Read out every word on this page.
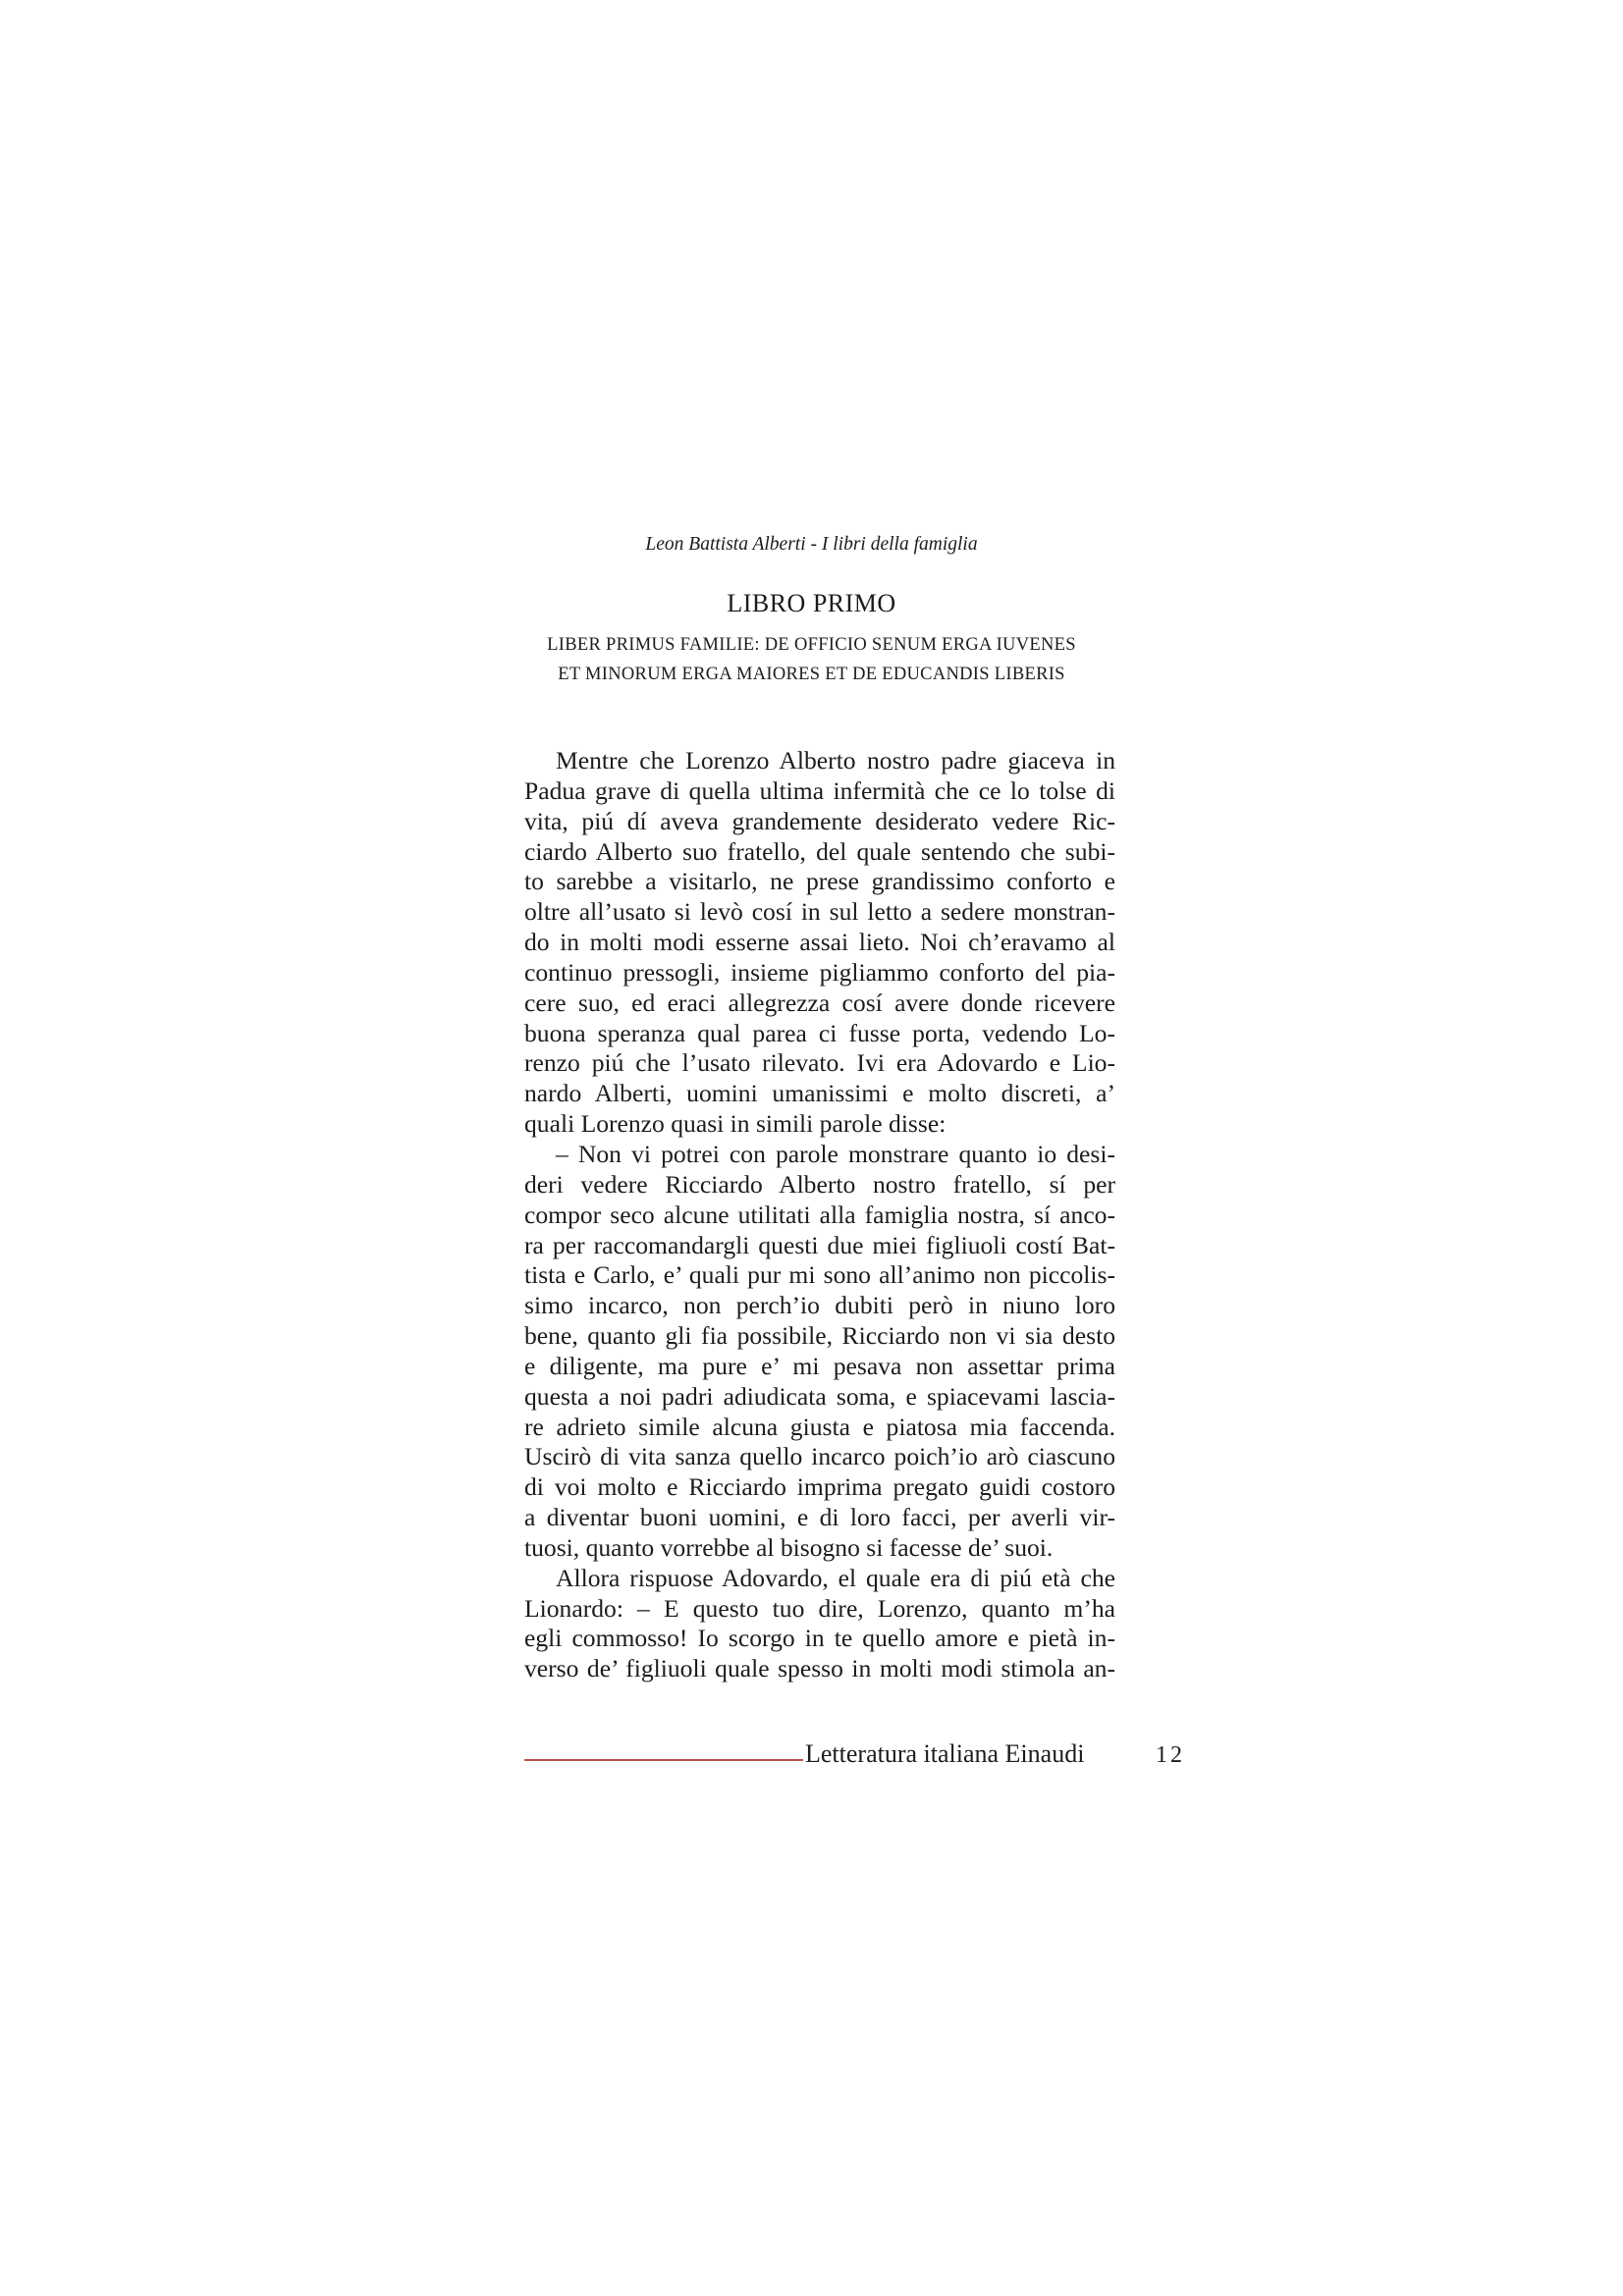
Leon Battista Alberti - I libri della famiglia
LIBRO PRIMO
LIBER PRIMUS FAMILIE: DE OFFICIO SENUM ERGA IUVENES
ET MINORUM ERGA MAIORES ET DE EDUCANDIS LIBERIS
Mentre che Lorenzo Alberto nostro padre giaceva in
Padua grave di quella ultima infermità che ce lo tolse di
vita, piú dí aveva grandemente desiderato vedere Ric-
ciardo Alberto suo fratello, del quale sentendo che subi-
to sarebbe a visitarlo, ne prese grandissimo conforto e
oltre all’usato si levò cosí in sul letto a sedere monstran-
do in molti modi esserne assai lieto. Noi ch’eravamo al
continuo pressogli, insieme pigliammo conforto del pia-
cere suo, ed eraci allegrezza cosí avere donde ricevere
buona speranza qual parea ci fusse porta, vedendo Lo-
renzo piú che l’usato rilevato. Ivi era Adovardo e Lio-
nardo Alberti, uomini umanissimi e molto discreti, a’
quali Lorenzo quasi in simili parole disse:
– Non vi potrei con parole monstrare quanto io desi-
deri vedere Ricciardo Alberto nostro fratello, sí per
compor seco alcune utilitati alla famiglia nostra, sí anco-
ra per raccomandargli questi due miei figliuoli costí Bat-
tista e Carlo, e’ quali pur mi sono all’animo non piccolis-
simo incarco, non perch’io dubiti però in niuno loro
bene, quanto gli fia possibile, Ricciardo non vi sia desto
e diligente, ma pure e’ mi pesava non assettar prima
questa a noi padri adiudicata soma, e spiacevami lascia-
re adrieto simile alcuna giusta e piatosa mia faccenda.
Uscirò di vita sanza quello incarco poich’io arò ciascuno
di voi molto e Ricciardo imprima pregato guidi costoro
a diventar buoni uomini, e di loro facci, per averli vir-
tuosi, quanto vorrebbe al bisogno si facesse de’ suoi.
Allora rispuose Adovardo, el quale era di piú età che
Lionardo: – E questo tuo dire, Lorenzo, quanto m’ha
egli commosso! Io scorgo in te quello amore e pietà in-
verso de’ figliuoli quale spesso in molti modi stimola an-
Letteratura italiana Einaudi	12
